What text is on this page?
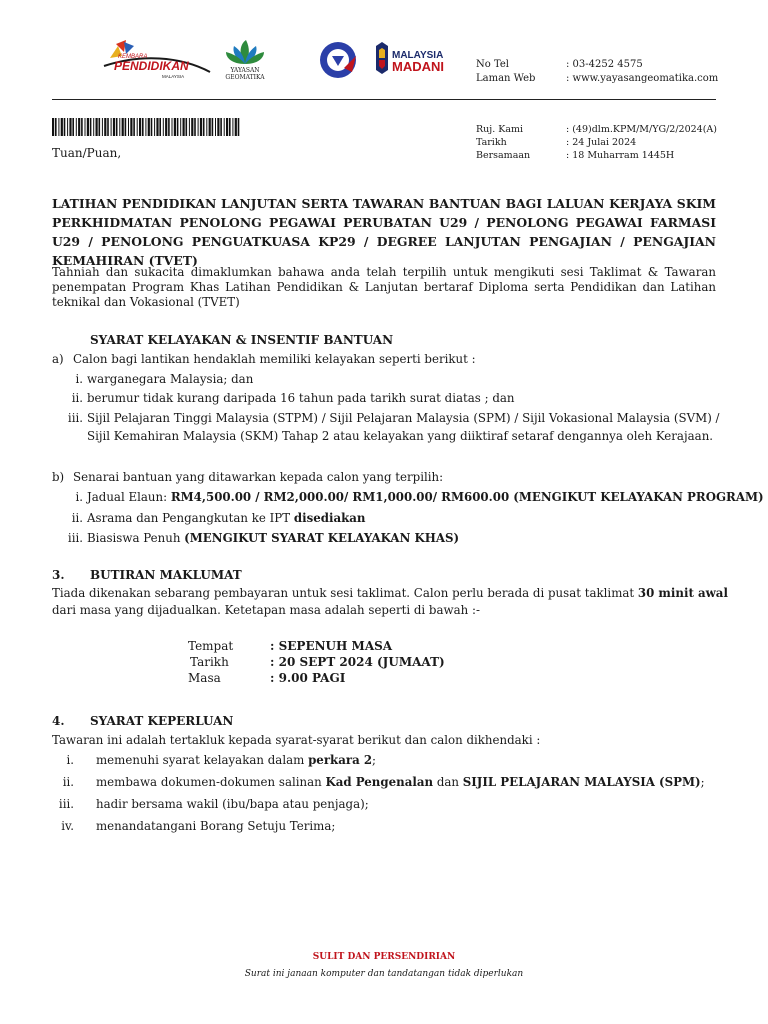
KEMBARA
PENDIDIKAN
MALAYSIA
YAYASAN
GEOMATIKA
MALAYSIA
MADANI	No Tel	: 03-4252 4575
Laman Web	: www.yayasangeomatika.com
Ruj. Kami	: (49)dlm.KPM/M/YG/2/2024(A)
Tarikh	: 24 Julai 2024
Bersamaan	: 18 Muharram 1445H
Tuan/Puan,
LATIHAN PENDIDIKAN LANJUTAN SERTA TAWARAN BANTUAN BAGI LALUAN KERJAYA SKIM PERKHIDMATAN PENOLONG PEGAWAI PERUBATAN U29 / PENOLONG PEGAWAI FARMASI U29 / PENOLONG PENGUATKUASA KP29 / DEGREE LANJUTAN PENGAJIAN / PENGAJIAN KEMAHIRAN (TVET)
Tahniah dan sukacita dimaklumkan bahawa anda telah terpilih untuk mengikuti sesi Taklimat & Tawaran penempatan Program Khas Latihan Pendidikan & Lanjutan bertaraf Diploma serta Pendidikan dan Latihan teknikal dan Vokasional (TVET)
SYARAT KELAYAKAN & INSENTIF BANTUAN
a) Calon bagi lantikan hendaklah memiliki kelayakan seperti berikut :
i. warganegara Malaysia; dan
ii. berumur tidak kurang daripada 16 tahun pada tarikh surat diatas ; dan
iii. Sijil Pelajaran Tinggi Malaysia (STPM) / Sijil Pelajaran Malaysia (SPM) / Sijil Vokasional Malaysia (SVM) /
Sijil Kemahiran Malaysia (SKM) Tahap 2 atau kelayakan yang diiktiraf setaraf dengannya oleh Kerajaan.
b) Senarai bantuan yang ditawarkan kepada calon yang terpilih:
i. Jadual Elaun: RM4,500.00 / RM2,000.00/ RM1,000.00/ RM600.00 (MENGIKUT KELAYAKAN PROGRAM)
ii. Asrama dan Pengangkutan ke IPT disediakan
iii. Biasiswa Penuh (MENGIKUT SYARAT KELAYAKAN KHAS)
3. BUTIRAN MAKLUMAT
Tiada dikenakan sebarang pembayaran untuk sesi taklimat. Calon perlu berada di pusat taklimat 30 minit awal
dari masa yang dijadualkan. Ketetapan masa adalah seperti di bawah :-
Tempat	: SEPENUH MASA
Tarikh	: 20 SEPT 2024 (JUMAAT)
Masa	: 9.00 PAGI
4. SYARAT KEPERLUAN
Tawaran ini adalah tertakluk kepada syarat-syarat berikut dan calon dikhendaki :
i. memenuhi syarat kelayakan dalam perkara 2;
ii. membawa dokumen-dokumen salinan Kad Pengenalan dan SIJIL PELAJARAN MALAYSIA (SPM);
iii. hadir bersama wakil (ibu/bapa atau penjaga);
iv. menandatangani Borang Setuju Terima;
SULIT DAN PERSENDIRIAN
Surat ini janaan komputer dan tandatangan tidak diperlukan
